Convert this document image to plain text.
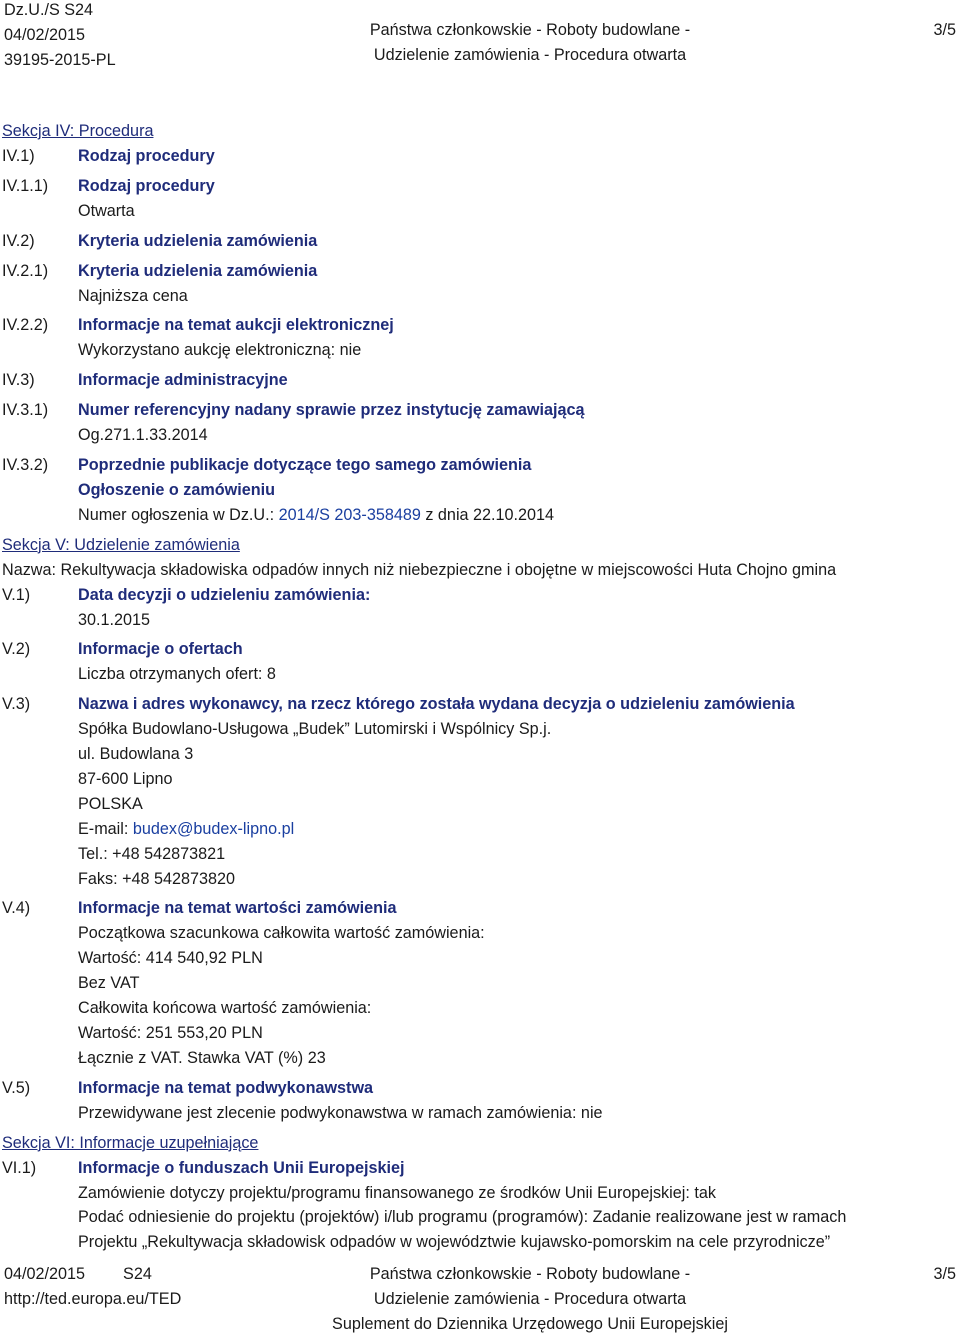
Dz.U./S S24
04/02/2015
39195-2015-PL
Państwa członkowskie - Roboty budowlane -
Udzielenie zamówienia - Procedura otwarta
3/5
Sekcja IV: Procedura
IV.1)	Rodzaj procedury
IV.1.1)	Rodzaj procedury
Otwarta
IV.2)	Kryteria udzielenia zamówienia
IV.2.1)	Kryteria udzielenia zamówienia
Najniższa cena
IV.2.2)	Informacje na temat aukcji elektronicznej
Wykorzystano aukcję elektroniczną: nie
IV.3)	Informacje administracyjne
IV.3.1)	Numer referencyjny nadany sprawie przez instytucję zamawiającą
Og.271.1.33.2014
IV.3.2)	Poprzednie publikacje dotyczące tego samego zamówienia
Ogłoszenie o zamówieniu
Numer ogłoszenia w Dz.U.: 2014/S 203-358489 z dnia 22.10.2014
Sekcja V: Udzielenie zamówienia
Nazwa: Rekultywacja składowiska odpadów innych niż niebezpieczne i obojętne w miejscowości Huta Chojno gmina
V.1)	Data decyzji o udzieleniu zamówienia:
30.1.2015
V.2)	Informacje o ofertach
Liczba otrzymanych ofert: 8
V.3)	Nazwa i adres wykonawcy, na rzecz którego została wydana decyzja o udzieleniu zamówienia
Spółka Budowlano-Usługowa „Budek” Lutomirski i Wspólnicy Sp.j.
ul. Budowlana 3
87-600 Lipno
POLSKA
E-mail: budex@budex-lipno.pl
Tel.: +48 542873821
Faks: +48 542873820
V.4)	Informacje na temat wartości zamówienia
Początkowa szacunkowa całkowita wartość zamówienia:
Wartość: 414 540,92 PLN
Bez VAT
Całkowita końcowa wartość zamówienia:
Wartość: 251 553,20 PLN
Łącznie z VAT. Stawka VAT (%) 23
V.5)	Informacje na temat podwykonawstwa
Przewidywane jest zlecenie podwykonawstwa w ramach zamówienia: nie
Sekcja VI: Informacje uzupełniające
VI.1)	Informacje o funduszach Unii Europejskiej
Zamówienie dotyczy projektu/programu finansowanego ze środków Unii Europejskiej: tak
Podać odniesienie do projektu (projektów) i/lub programu (programów): Zadanie realizowane jest w ramach
Projektu „Rekultywacja składowisk odpadów w województwie kujawsko-pomorskim na cele przyrodnicze”
04/02/2015 S24
http://ted.europa.eu/TED
Państwa członkowskie - Roboty budowlane -
Udzielenie zamówienia - Procedura otwarta
Suplement do Dziennika Urzędowego Unii Europejskiej
3/5
